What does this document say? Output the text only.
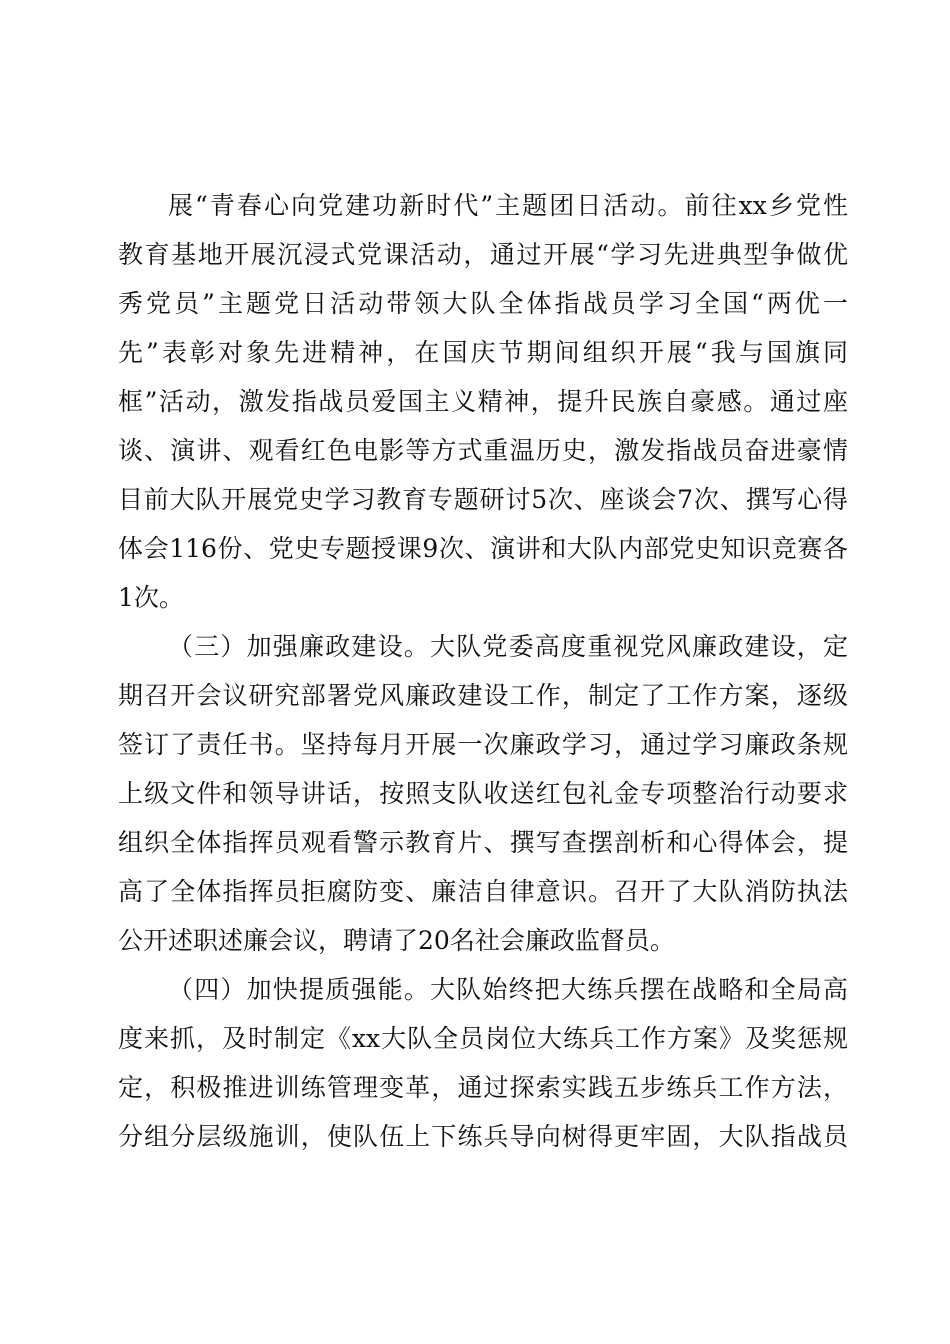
展“青春心向党建功新时代”主题团日活动。前往xx乡党性
教育基地开展沉浸式党课活动，通过开展“学习先进典型争做优
秀党员”主题党日活动带领大队全体指战员学习全国“两优一
先”表彰对象先进精神，在国庆节期间组织开展“我与国旗同
框”活动，激发指战员爱国主义精神，提升民族自豪感。通过座
谈、演讲、观看红色电影等方式重温历史，激发指战员奋进豪情
目前大队开展党史学习教育专题研讨5次、座谈会7次、撰写心得
体会116份、党史专题授课9次、演讲和大队内部党史知识竞赛各
1次。
（三）加强廉政建设。大队党委高度重视党风廉政建设，定
期召开会议研究部署党风廉政建设工作，制定了工作方案，逐级
签订了责任书。坚持每月开展一次廉政学习，通过学习廉政条规
上级文件和领导讲话，按照支队收送红包礼金专项整治行动要求
组织全体指挥员观看警示教育片、撰写查摆剖析和心得体会，提
高了全体指挥员拒腐防变、廉洁自律意识。召开了大队消防执法
公开述职述廉会议，聘请了20名社会廉政监督员。
（四）加快提质强能。大队始终把大练兵摆在战略和全局高
度来抓，及时制定《xx大队全员岗位大练兵工作方案》及奖惩规
定，积极推进训练管理变革，通过探索实践五步练兵工作方法，
分组分层级施训，使队伍上下练兵导向树得更牢固，大队指战员
